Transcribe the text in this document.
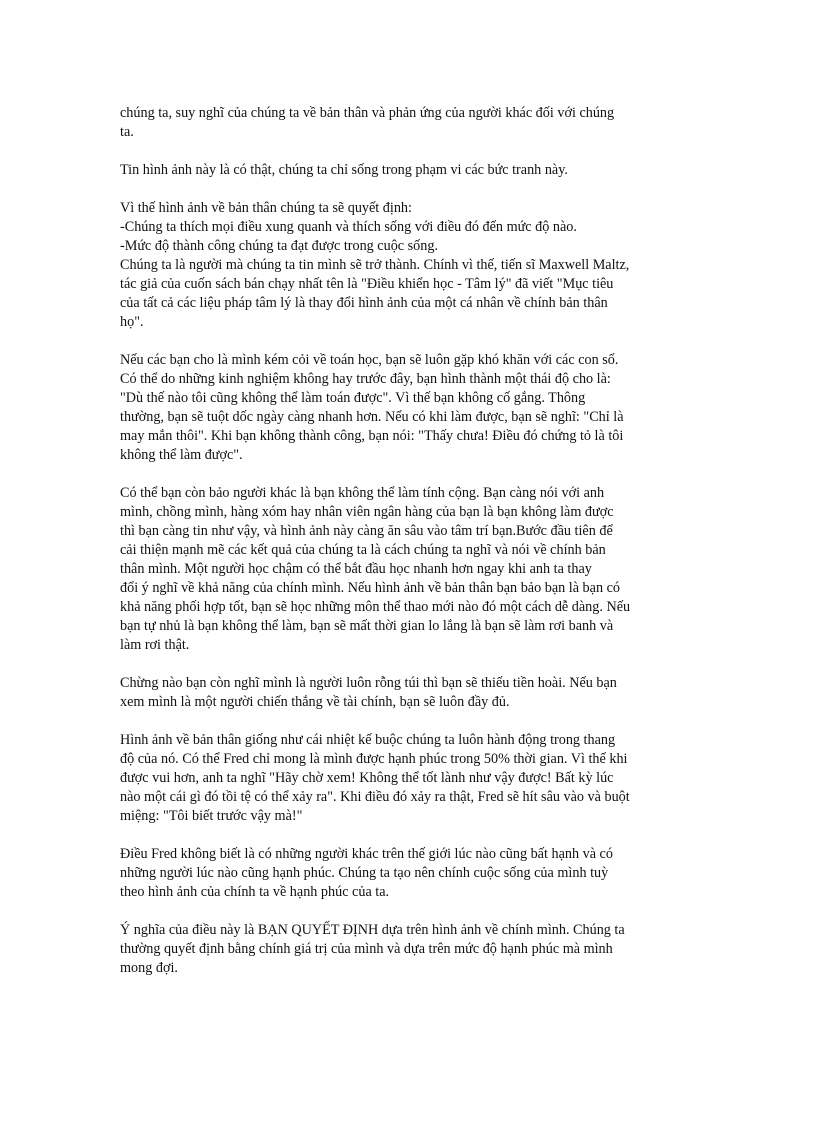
chúng ta, suy nghĩ của chúng ta về bản thân và phản ứng của người khác đối với chúng
ta.

Tin hình ảnh này là có thật, chúng ta chỉ sống trong phạm vi các bức tranh này.

Vì thế hình ảnh về bản thân chúng ta sẽ quyết định:
-Chúng ta thích mọi điều xung quanh và thích sống với điều đó đến mức độ nào.
-Mức độ thành công chúng ta đạt được trong cuộc sống.
Chúng ta là người mà chúng ta tin mình sẽ trở thành. Chính vì thế, tiến sĩ Maxwell Maltz,
tác giả của cuốn sách bán chạy nhất tên là "Điều khiển học - Tâm lý" đã viết "Mục tiêu
của tất cả các liệu pháp tâm lý là thay đổi hình ảnh của một cá nhân về chính bản thân
họ".

Nếu các bạn cho là mình kém cỏi về toán học, bạn sẽ luôn gặp khó khăn với các con số.
Có thể do những kinh nghiệm không hay trước đây, bạn hình thành một thái độ cho là:
"Dù thế nào tôi cũng không thể làm toán được". Vì thế bạn không cố gắng. Thông
thường, bạn sẽ tuột dốc ngày càng nhanh hơn. Nếu có khi làm được, bạn sẽ nghĩ: "Chỉ là
may mắn thôi". Khi bạn không thành công, bạn nói: "Thấy chưa! Điều đó chứng tỏ là tôi
không thể làm được".

Có thể bạn còn bảo người khác là bạn không thể làm tính cộng. Bạn càng nói với anh
mình, chồng mình, hàng xóm hay nhân viên ngân hàng của bạn là bạn không làm được
thì bạn càng tin như vậy, và hình ảnh này càng ăn sâu vào tâm trí bạn.Bước đầu tiên để
cải thiện mạnh mẽ các kết quả của chúng ta là cách chúng ta nghĩ và nói về chính bản
thân mình. Một người học chậm có thể bắt đầu học nhanh hơn ngay khi anh ta thay
đổi ý nghĩ về khả năng của chính mình. Nếu hình ảnh về bản thân bạn bảo bạn là bạn có
khả năng phối hợp tốt, bạn sẽ học những môn thể thao mới nào đó một cách dễ dàng. Nếu
bạn tự nhủ là bạn không thể làm, bạn sẽ mất thời gian lo lắng là bạn sẽ làm rơi banh và
làm rơi thật.

Chừng nào bạn còn nghĩ mình là người luôn rỗng túi thì bạn sẽ thiếu tiền hoài. Nếu bạn
xem mình là một người chiến thắng về tài chính, bạn sẽ luôn đầy đủ.

Hình ảnh về bản thân giống như cái nhiệt kế buộc chúng ta luôn hành động trong thang
độ của nó. Có thể Fred chỉ mong là mình được hạnh phúc trong 50% thời gian. Vì thế khi
được vui hơn, anh ta nghĩ "Hãy chờ xem! Không thể tốt lành như vậy được! Bất kỳ lúc
nào một cái gì đó tồi tệ có thể xảy ra". Khi điều đó xảy ra thật, Fred sẽ hít sâu vào và buột
miệng: "Tôi biết trước vậy mà!"

Điều Fred không biết là có những người khác trên thế giới lúc nào cũng bất hạnh và có
những người lúc nào cũng hạnh phúc. Chúng ta tạo nên chính cuộc sống của mình tuỳ
theo hình ảnh của chính ta về hạnh phúc của ta.

Ý nghĩa của điều này là BẠN QUYẾT ĐỊNH dựa trên hình ảnh về chính mình. Chúng ta
thường quyết định bằng chính giá trị của mình và dựa trên mức độ hạnh phúc mà mình
mong đợi.
